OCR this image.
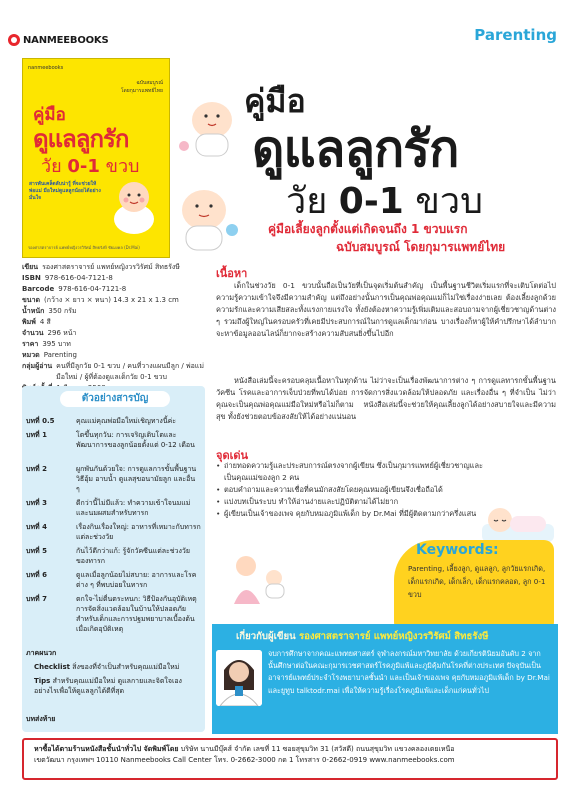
NANMEEBOOKS	Parenting
nanmeebooks
ฉบับสมบูรณ์
โดยกุมารแพทย์ไทย
คู่มือ
ดูแลลูกรัก
วัย 0-1 ขวบ
สารพันเคล็ดลับน่ารู้ ที่จะช่วยให้พ่อแม่ มือใหม่ดูแลลูกน้อยได้อย่างมั่นใจ
รองศาสตราจารย์ แพทย์หญิงวรวิรัศม์ สิทธรังษี ชัยมงคล (Dr.Mai)
คู่มือ
ดูแลลูกรัก
วัย 0-1 ขวบ
คู่มือเลี้ยงลูกตั้งแต่เกิดจนถึง 1 ขวบแรก
ฉบับสมบูรณ์ โดยกุมารแพทย์ไทย
เขียน รองศาสตราจารย์ แพทย์หญิงวรวิรัศม์ สิทธรังษี
ISBN 978-616-04-7121-8
Barcode 978-616-04-7121-8
ขนาด (กว้าง × ยาว × หนา) 14.3 x 21 x 1.3 cm
น้ำหนัก 350 กรัม
พิมพ์ 4 สี
จำนวน 296 หน้า
ราคา 395 บาท
หมวด Parenting
กลุ่มผู้อ่าน คนที่มีลูกวัย 0-1 ขวบ / คนที่วางแผนมีลูก / พ่อแม่มือใหม่ / ผู้ที่ต้องดูแลเด็กวัย 0-1 ขวบ
ตัวอย่างสารบัญ
บทที่ 0.5	คุณแม่คุณพ่อมือใหม่เชิญทางนี้ค่ะ
บทที่ 1	โตขึ้นทุกวัน: การเจริญเติบโตและพัฒนาการของลูกน้อยตั้งแต่ 0-12 เดือน
บทที่ 2	ผูกพันกันด้วยใจ: การดูแลการขั้นพื้นฐาน วิธีอุ้ม อาบน้ำ ดูแลสุขอนามัยลูก และอื่น ๆ
บทที่ 3	ดีกว่านี้ไม่มีแล้ว: ทำความเข้าใจนมแม่และนมผสมสำหรับทารก
บทที่ 4	เรื่องกินเรื่องใหญ่: อาหารที่เหมาะกับทารกแต่ละช่วงวัย
บทที่ 5	กันไว้ดีกว่าแก้: รู้จักวัคซีนแต่ละช่วงวัยของทารก
บทที่ 6	ดูแลเมื่อลูกน้อยไม่สบาย: อาการและโรคต่าง ๆ ที่พบบ่อยในทารก
บทที่ 7	ตกใจ-ไม่ตื่นตระหนก: วิธีป้องกันอุบัติเหตุ การจัดสิ่งแวดล้อมในบ้านให้ปลอดภัยสำหรับเด็กและการปฐมพยาบาลเบื้องต้นเมื่อเกิดอุบัติเหตุ
ภาคผนวก
Checklist สิ่งของที่จำเป็นสำหรับคุณแม่มือใหม่
Tips สำหรับคุณแม่มือใหม่ ดูแลกายและจิตใจเองอย่างไรเพื่อให้ดูแลลูกได้ดีที่สุด
บทส่งท้าย
เนื้อหา
เด็กในช่วงวัย 0-1 ขวบนั้นถือเป็นวัยที่เป็นจุดเริ่มต้นสำคัญ เป็นพื้นฐานชีวิตเริ่มแรกที่จะเติบโตต่อไป ความรู้ความเข้าใจจึงมีความสำคัญ แต่ถึงอย่างนั้นการเป็นคุณพ่อคุณแม่ก็ไม่ใช่เรื่องง่ายเลย ต้องเลี้ยงลูกด้วยความรักและความเสียสละทั้งแรงกายแรงใจ ทั้งยังต้องหาความรู้เพิ่มเติมและสอบถามจากผู้เชี่ยวชาญด้านต่าง ๆ รวมถึงผู้ใหญ่ในครอบครัวที่เคยมีประสบการณ์ในการดูแลเด็กมาก่อน บางเรื่องก็หาผู้ให้คำปรึกษาได้ลำบาก จะหาข้อมูลออนไลน์ก็ยากจะสร้างความสับสนยิ่งขึ้นไปอีก
หนังสือเล่มนี้จะครอบคลุมเนื้อหาในทุกด้าน ไม่ว่าจะเป็นเรื่องพัฒนาการต่าง ๆ การดูแลทารกขั้นพื้นฐาน วัคซีน โรคและอาการเจ็บป่วยที่พบได้บ่อย การจัดการสิ่งแวดล้อมให้ปลอดภัย และเรื่องอื่น ๆ ที่จำเป็น ไม่ว่าคุณจะเป็นคุณพ่อคุณแม่มือใหม่หรือไม่ก็ตาม หนังสือเล่มนี้จะช่วยให้คุณเลี้ยงลูกได้อย่างสบายใจและมีความสุข ทั้งยังช่วยตอบข้อสงสัยให้ได้อย่างแน่นอน
จุดเด่น
• ถ่ายทอดความรู้และประสบการณ์ตรงจากผู้เขียน ซึ่งเป็นกุมารแพทย์ผู้เชี่ยวชาญและเป็นคุณแม่ของลูก 2 คน
• ตอบคำถามและความเชื่อที่คนมักสงสัยโดยคุณหมอผู้เขียนจึงเชื่อถือได้
• แบ่งบทเป็นระบบ ทำให้อ่านง่ายและปฏิบัติตามได้ไม่ยาก
• ผู้เขียนเป็นเจ้าของเพจ คุยกับหมอภูมิแพ้เด็ก by Dr.Mai ที่มีผู้ติดตามกว่าครึ่งแสน
Keywords:
Parenting, เลี้ยงลูก, ดูแลลูก, ลูกวัยแรกเกิด, เด็กแรกเกิด, เด็กเล็ก, เด็กแรกคลอด, ลูก 0-1 ขวบ
เกี่ยวกับผู้เขียน รองศาสตราจารย์ แพทย์หญิงวรวิรัศม์ สิทธรังษี
จบการศึกษาจากคณะแพทยศาสตร์ จุฬาลงกรณ์มหาวิทยาลัย ด้วยเกียรตินิยมอันดับ 2 จากนั้นศึกษาต่อในคณะกุมารเวชศาสตร์โรคภูมิแพ้และภูมิคุ้มกันโรคที่ต่างประเทศ ปัจจุบันเป็นอาจารย์แพทย์ประจำโรงพยาบาลชั้นนำ และเป็นเจ้าของเพจ คุยกับหมอภูมิแพ้เด็ก by Dr.Mai และยูทูบ talktodr.mai เพื่อให้ความรู้เรื่องโรคภูมิแพ้และเด็กแก่คนทั่วไป
หาซื้อได้ตามร้านหนังสือชั้นนำทั่วไป จัดพิมพ์โดย บริษัท นานมีบุ๊คส์ จำกัด เลขที่ 11 ซอยสุขุมวิท 31 (สวัสดี) ถนนสุขุมวิท แขวงคลองเตยเหนือ
เขตวัฒนา กรุงเทพฯ 10110 Nanmeebooks Call Center โทร. 0-2662-3000 กด 1 โทรสาร 0-2662-0919 www.nanmeebooks.com
